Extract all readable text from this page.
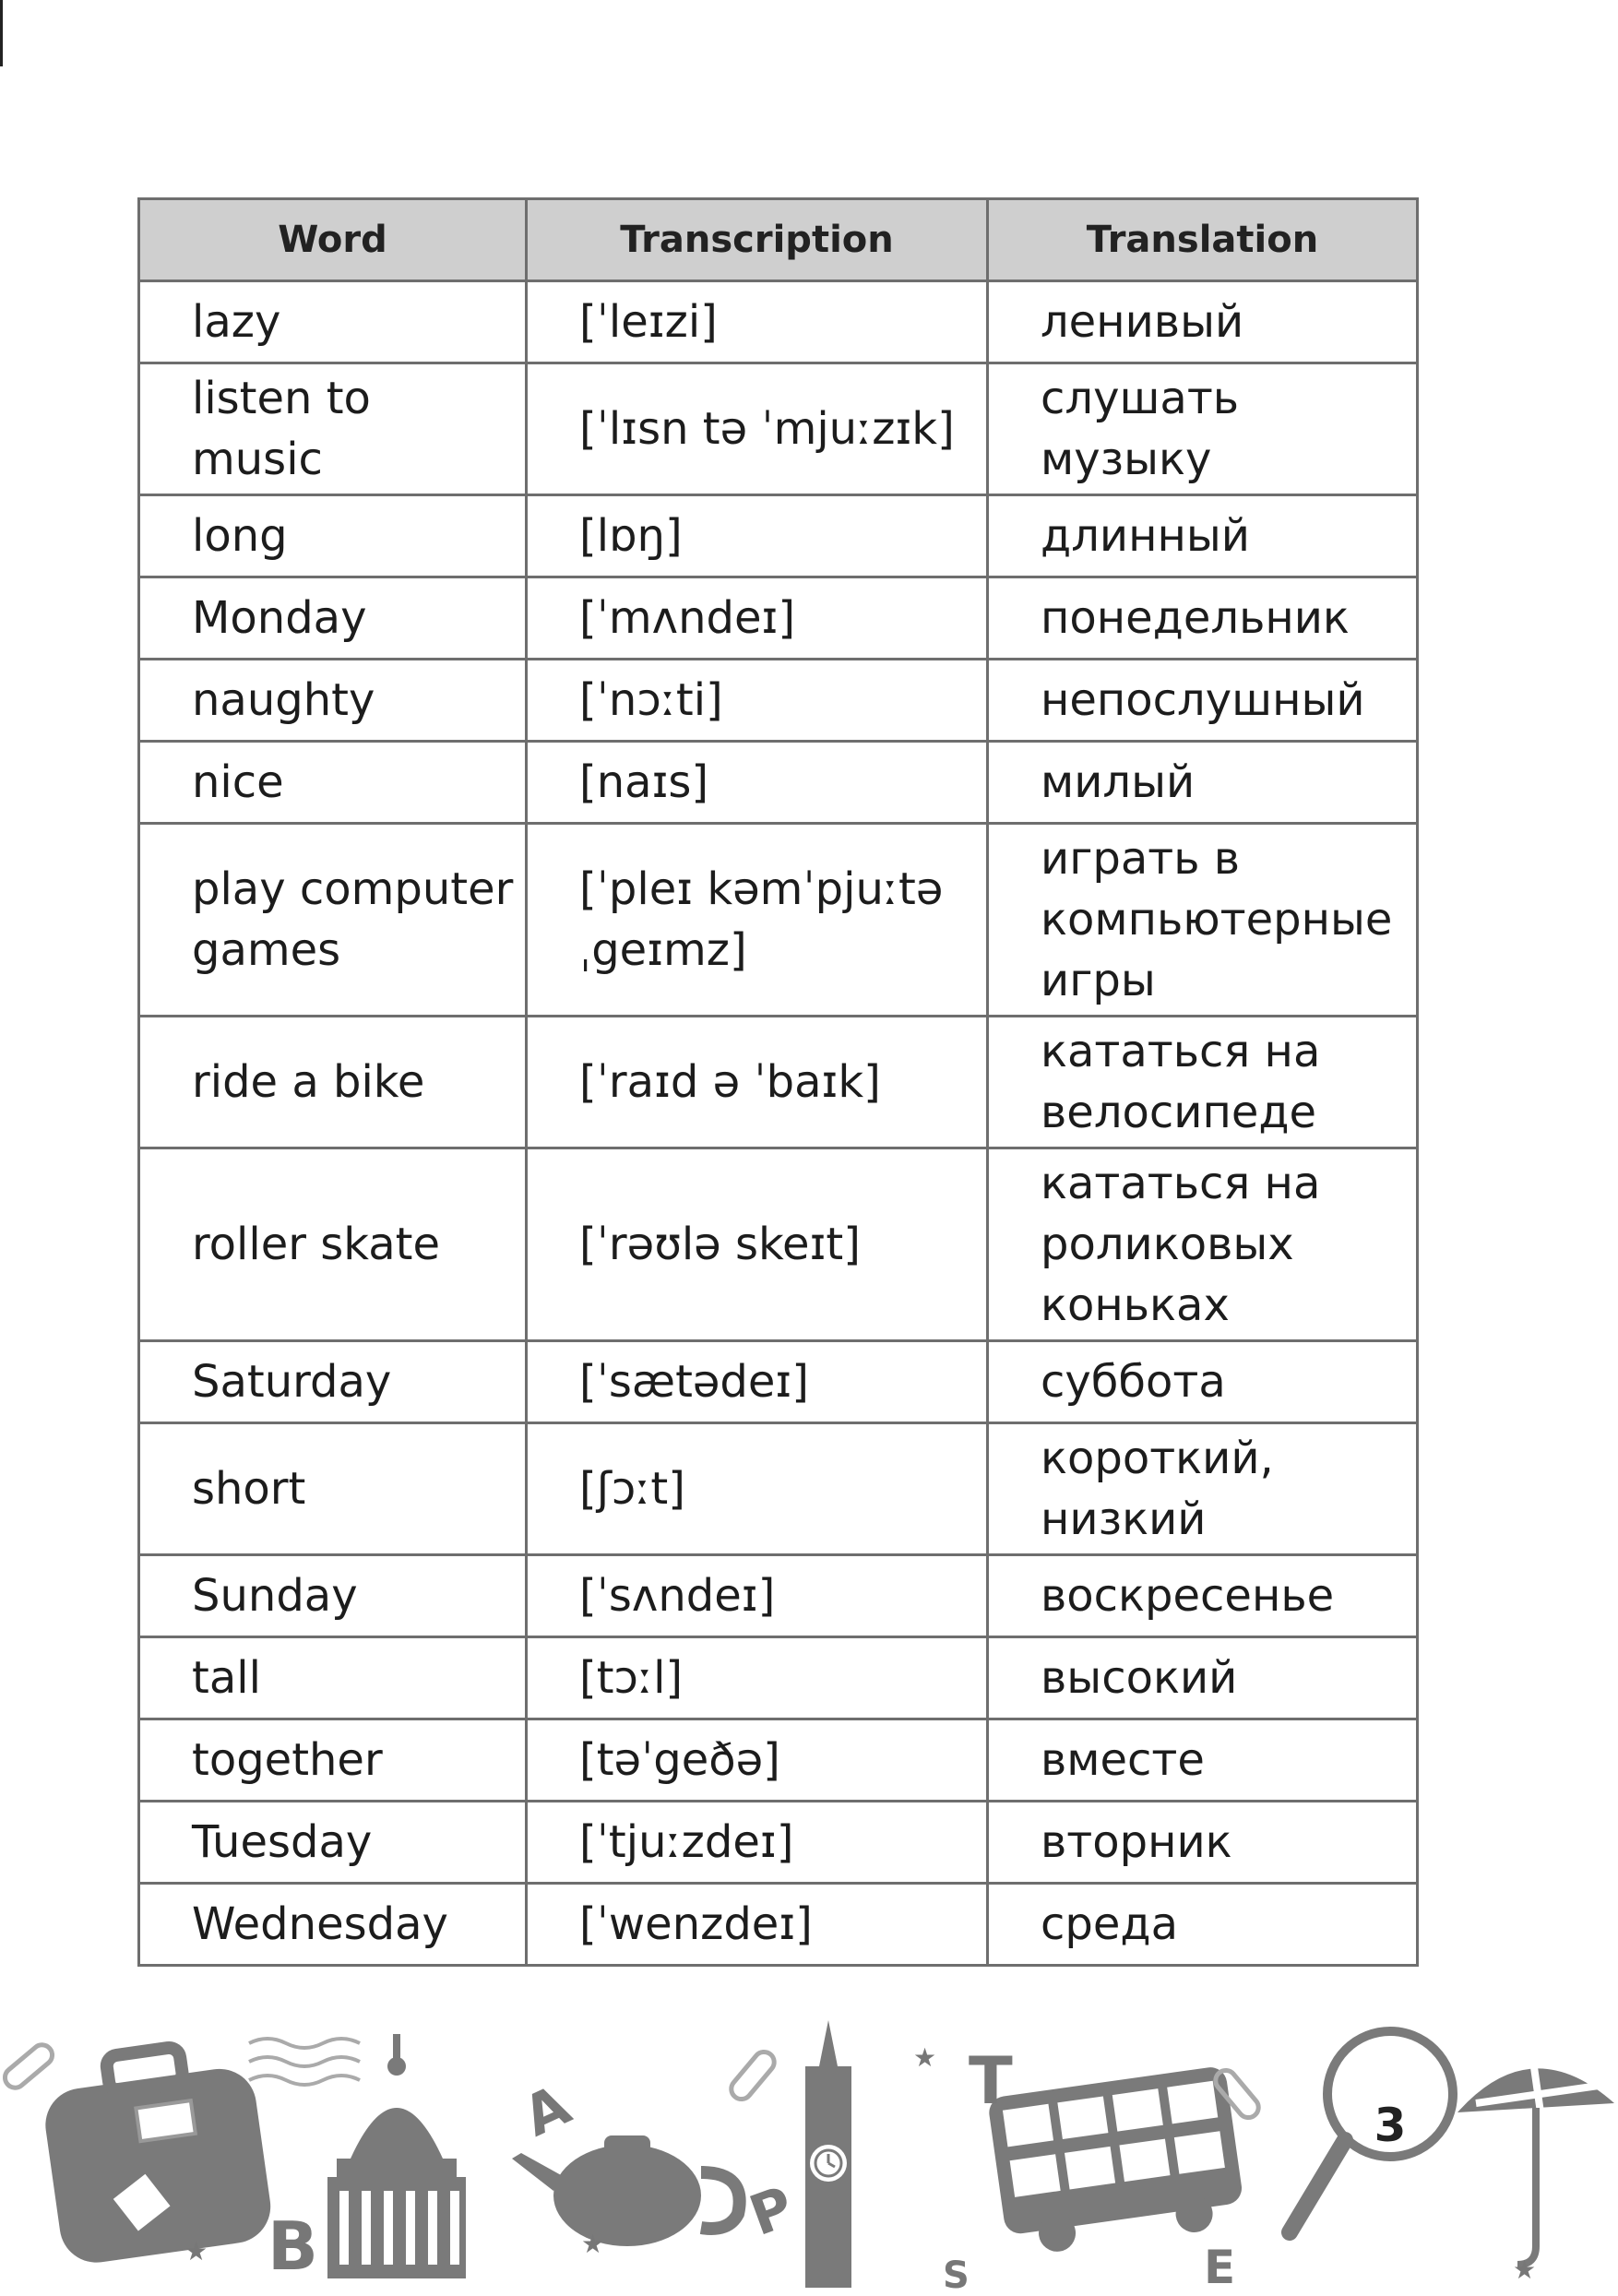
Word	Transcription	Translation
lazy	[ˈleɪzi]	ленивый
listen to music	[ˈlɪsn tə ˈmjuːzɪk]	слушать музыку
long	[lɒŋ]	длинный
Monday	[ˈmʌndeɪ]	понедельник
naughty	[ˈnɔːti]	непослушный
nice	[naɪs]	милый
play computer games	[ˈpleɪ kəmˈpjuːtəˌgeɪmz]	играть в компьютерные игры
ride a bike	[ˈraɪd ə ˈbaɪk]	кататься на велосипеде
roller skate	[ˈrəʊlə skeɪt]	кататься на роликовых коньках
Saturday	[ˈsætədeɪ]	суббота
short	[ʃɔːt]	короткий, низкий
Sunday	[ˈsʌndeɪ]	воскресенье
tall	[tɔːl]	высокий
together	[təˈgeðə]	вместе
Tuesday	[ˈtjuːzdeɪ]	вторник
Wednesday	[ˈwenzdeɪ]	среда
★
★
★
★
B
A
P
S
T
E
3
